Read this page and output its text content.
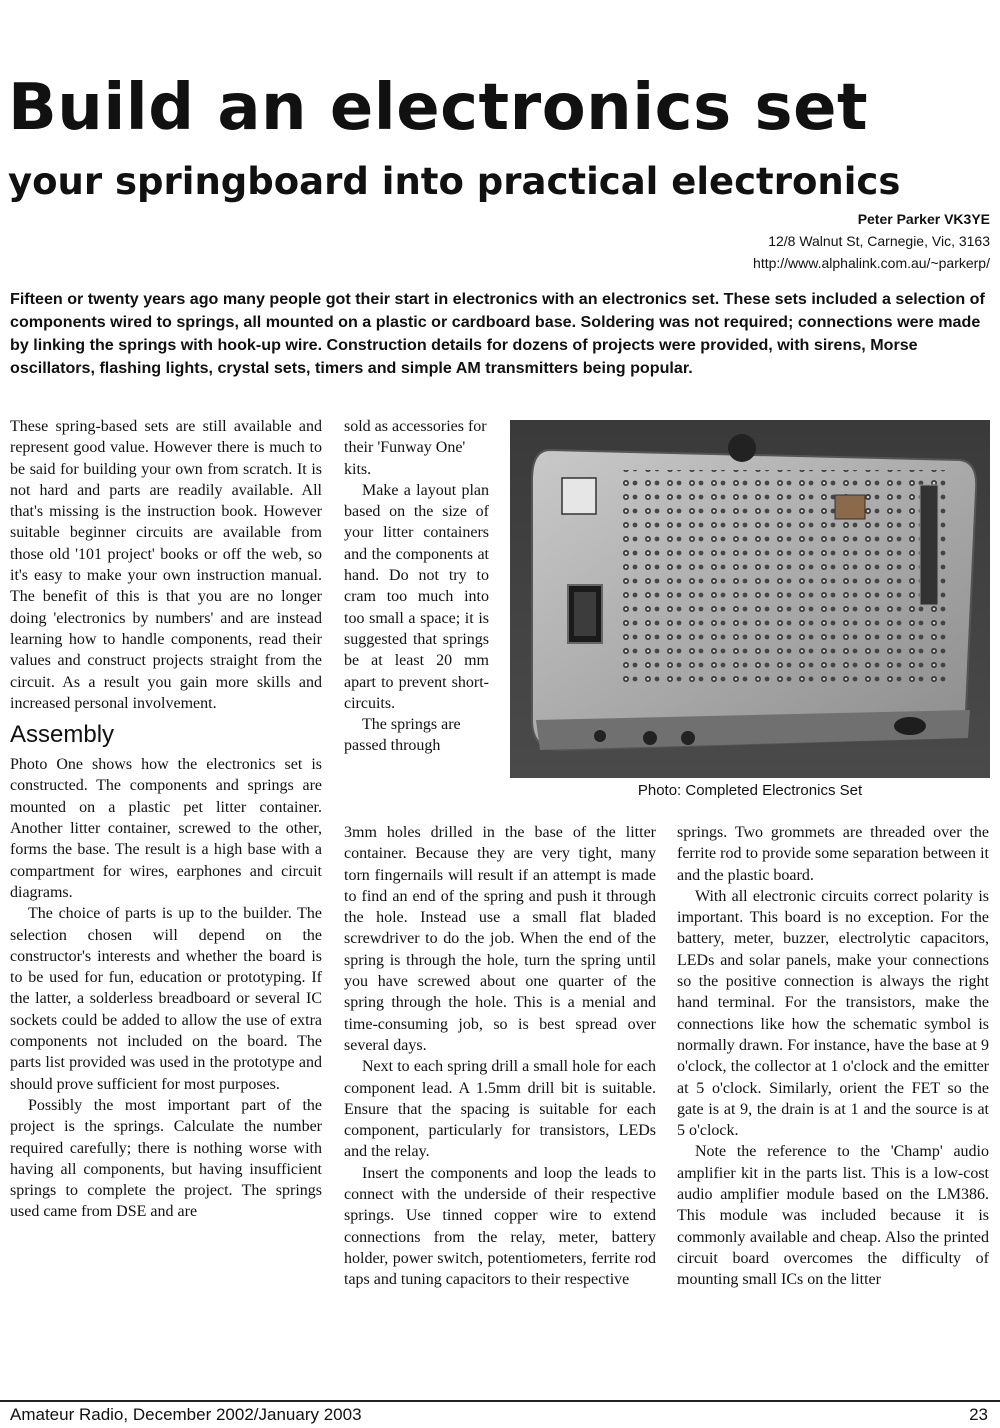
Build an electronics set
your springboard into practical electronics
Peter Parker VK3YE
12/8 Walnut St, Carnegie, Vic, 3163
http://www.alphalink.com.au/~parkerp/

Fifteen or twenty years ago many people got their start in electronics with an electronics set. These sets included a selection of components wired to springs, all mounted on a plastic or cardboard base. Soldering was not required; connections were made by linking the springs with hook-up wire. Construction details for dozens of projects were provided, with sirens, Morse oscillators, flashing lights, crystal sets, timers and simple AM transmitters being popular.

These spring-based sets are still available and represent good value. However there is much to be said for building your own from scratch. It is not hard and parts are readily available. All that's missing is the instruction book. However suitable beginner circuits are available from those old '101 project' books or off the web, so it's easy to make your own instruction manual. The benefit of this is that you are no longer doing 'electronics by numbers' and are instead learning how to handle components, read their values and construct projects straight from the circuit. As a result you gain more skills and increased personal involvement.

Assembly

Photo One shows how the electronics set is constructed. The components and springs are mounted on a plastic pet litter container. Another litter container, screwed to the other, forms the base. The result is a high base with a compartment for wires, earphones and circuit diagrams.

The choice of parts is up to the builder. The selection chosen will depend on the constructor's interests and whether the board is to be used for fun, education or prototyping. If the latter, a solderless breadboard or several IC sockets could be added to allow the use of extra components not included on the board. The parts list provided was used in the prototype and should prove sufficient for most purposes.

Possibly the most important part of the project is the springs. Calculate the number required carefully; there is nothing worse with having all components, but having insufficient springs to complete the project. The springs used came from DSE and are

sold as accessories for their 'Funway One' kits.

Make a layout plan based on the size of your litter containers and the components at hand. Do not try to cram too much into too small a space; it is suggested that springs be at least 20 mm apart to prevent short-circuits.

The springs are passed through

Photo: Completed Electronics Set

3mm holes drilled in the base of the litter container. Because they are very tight, many torn fingernails will result if an attempt is made to find an end of the spring and push it through the hole. Instead use a small flat bladed screwdriver to do the job. When the end of the spring is through the hole, turn the spring until you have screwed about one quarter of the spring through the hole. This is a menial and time-consuming job, so is best spread over several days.

Next to each spring drill a small hole for each component lead. A 1.5mm drill bit is suitable. Ensure that the spacing is suitable for each component, particularly for transistors, LEDs and the relay.

Insert the components and loop the leads to connect with the underside of their respective springs. Use tinned copper wire to extend connections from the relay, meter, battery holder, power switch, potentiometers, ferrite rod taps and tuning capacitors to their respective

springs. Two grommets are threaded over the ferrite rod to provide some separation between it and the plastic board.

With all electronic circuits correct polarity is important. This board is no exception. For the battery, meter, buzzer, electrolytic capacitors, LEDs and solar panels, make your connections so the positive connection is always the right hand terminal. For the transistors, make the connections like how the schematic symbol is normally drawn. For instance, have the base at 9 o'clock, the collector at 1 o'clock and the emitter at 5 o'clock. Similarly, orient the FET so the gate is at 9, the drain is at 1 and the source is at 5 o'clock.

Note the reference to the 'Champ' audio amplifier kit in the parts list. This is a low-cost audio amplifier module based on the LM386. This module was included because it is commonly available and cheap. Also the printed circuit board overcomes the difficulty of mounting small ICs on the litter

Amateur Radio, December 2002/January 2003	23
